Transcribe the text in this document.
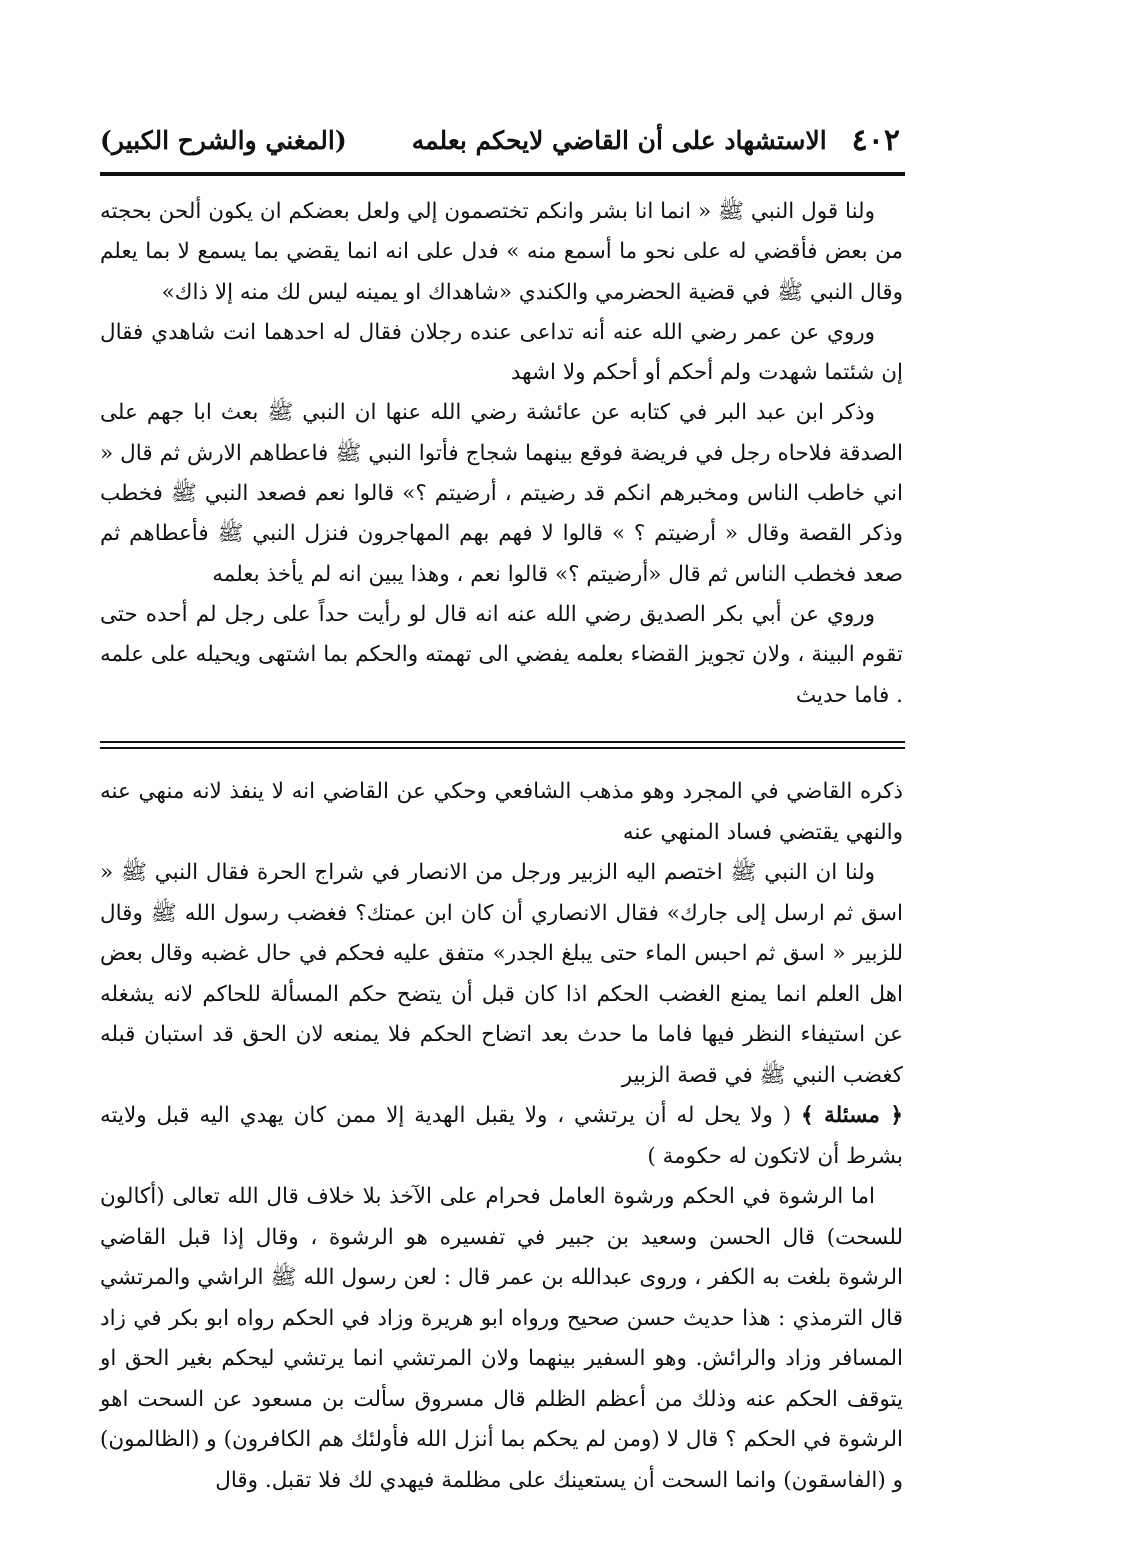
(المغني والشرح الكبير)	الاستشهاد على أن القاضي لايحكم بعلمه ٤٠٢

ولنا قول النبي ﷺ « انما انا بشر وانكم تختصمون إلي ولعل بعضكم ان يكون ألحن بحجته من بعض فأقضي له على نحو ما أسمع منه » فدل على انه انما يقضي بما يسمع لا بما يعلم وقال النبي ﷺ في قضية الحضرمي والكندي «شاهداك او يمينه ليس لك منه إلا ذاك»

وروي عن عمر رضي الله عنه أنه تداعى عنده رجلان فقال له احدهما انت شاهدي فقال إن شئتما شهدت ولم أحكم أو أحكم ولا اشهد

وذكر ابن عبد البر في كتابه عن عائشة رضي الله عنها ان النبي ﷺ بعث ابا جهم على الصدقة فلاحاه رجل في فريضة فوقع بينهما شجاج فأتوا النبي ﷺ فاعطاهم الارش ثم قال « اني خاطب الناس ومخبرهم انكم قد رضيتم ، أرضيتم ؟» قالوا نعم فصعد النبي ﷺ فخطب وذكر القصة وقال « أرضيتم ؟ » قالوا لا فهم بهم المهاجرون فنزل النبي ﷺ فأعطاهم ثم صعد فخطب الناس ثم قال «أرضيتم ؟» قالوا نعم ، وهذا يبين انه لم يأخذ بعلمه

وروي عن أبي بكر الصديق رضي الله عنه انه قال لو رأيت حداً على رجل لم أحده حتى تقوم البينة ، ولان تجويز القضاء بعلمه يفضي الى تهمته والحكم بما اشتهى ويحيله على علمه . فاما حديث

ذكره القاضي في المجرد وهو مذهب الشافعي وحكي عن القاضي انه لا ينفذ لانه منهي عنه والنهي يقتضي فساد المنهي عنه

ولنا ان النبي ﷺ اختصم اليه الزبير ورجل من الانصار في شراج الحرة فقال النبي ﷺ « اسق ثم ارسل إلى جارك» فقال الانصاري أن كان ابن عمتك؟ فغضب رسول الله ﷺ وقال للزبير « اسق ثم احبس الماء حتى يبلغ الجدر» متفق عليه فحكم في حال غضبه وقال بعض اهل العلم انما يمنع الغضب الحكم اذا كان قبل أن يتضح حكم المسألة للحاكم لانه يشغله عن استيفاء النظر فيها فاما ما حدث بعد اتضاح الحكم فلا يمنعه لان الحق قد استبان قبله كغضب النبي ﷺ في قصة الزبير

﴿ مسئلة ﴾ ( ولا يحل له أن يرتشي ، ولا يقبل الهدية إلا ممن كان يهدي اليه قبل ولايته بشرط أن لاتكون له حكومة )

اما الرشوة في الحكم ورشوة العامل فحرام على الآخذ بلا خلاف قال الله تعالى (أكالون للسحت) قال الحسن وسعيد بن جبير في تفسيره هو الرشوة ، وقال إذا قبل القاضي الرشوة بلغت به الكفر ، وروى عبدالله بن عمر قال : لعن رسول الله ﷺ الراشي والمرتشي قال الترمذي : هذا حديث حسن صحيح ورواه ابو هريرة وزاد في الحكم رواه ابو بكر في زاد المسافر وزاد والرائش. وهو السفير بينهما ولان المرتشي انما يرتشي ليحكم بغير الحق او يتوقف الحكم عنه وذلك من أعظم الظلم قال مسروق سألت بن مسعود عن السحت اهو الرشوة في الحكم ؟ قال لا (ومن لم يحكم بما أنزل الله فأولئك هم الكافرون) و (الظالمون) و (الفاسقون) وانما السحت أن يستعينك على مظلمة فيهدي لك فلا تقبل. وقال
